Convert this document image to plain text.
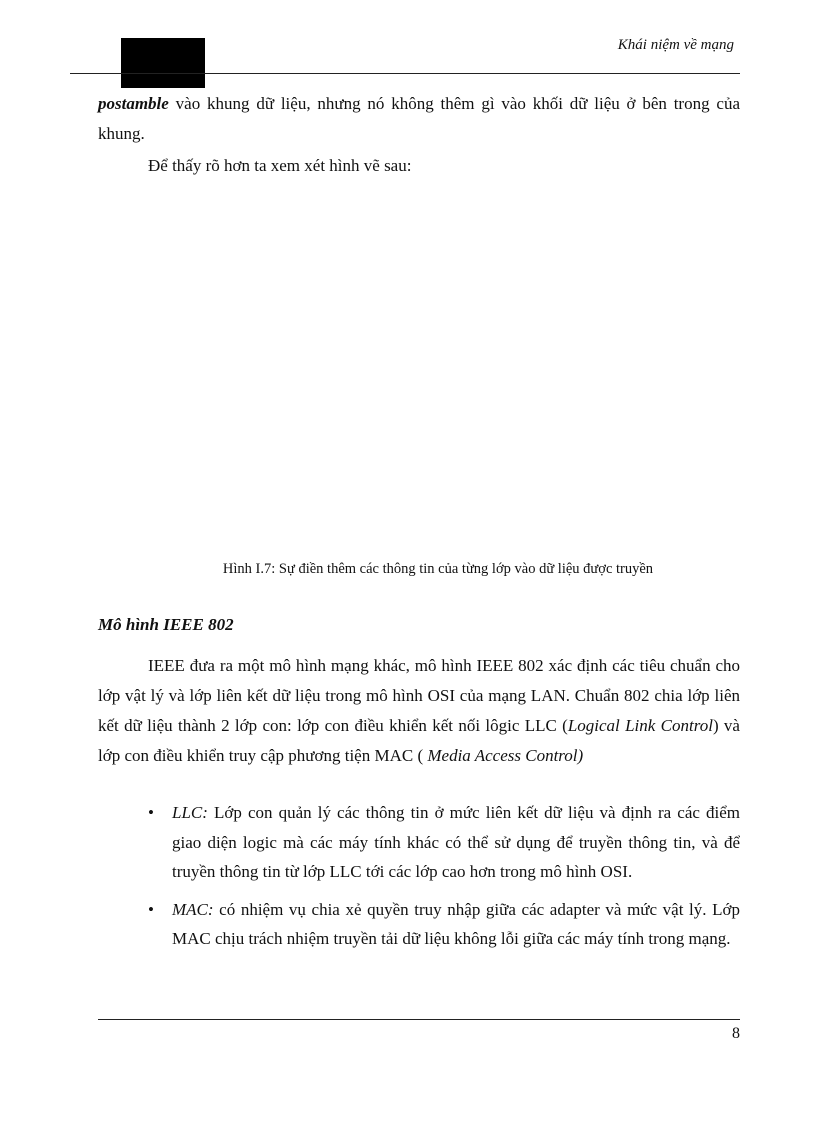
Khái niệm về mạng

postamble vào khung dữ liệu, nhưng nó không thêm gì vào khối dữ liệu ở bên trong của khung.

Để thấy rõ hơn ta xem xét hình vẽ sau:

Hình I.7: Sự điền thêm các thông tin của từng lớp vào dữ liệu được truyền
Mô hình IEEE 802

IEEE đưa ra một mô hình mạng khác, mô hình IEEE 802 xác định các tiêu chuẩn cho lớp vật lý và lớp liên kết dữ liệu trong mô hình OSI của mạng LAN. Chuẩn 802 chia lớp liên kết dữ liệu thành 2 lớp con: lớp con điều khiển kết nối lôgic LLC (Logical Link Control) và lớp con điều khiển truy cập phương tiện MAC ( Media Access Control)

•	LLC: Lớp con quản lý các thông tin ở mức liên kết dữ liệu và định ra các điểm giao diện logic mà các máy tính khác có thể sử dụng để truyền thông tin, và để truyền thông tin từ lớp LLC tới các lớp cao hơn trong mô hình OSI.
•	MAC: có nhiệm vụ chia xẻ quyền truy nhập giữa các adapter và mức vật lý. Lớp MAC chịu trách nhiệm truyền tải dữ liệu không lỗi giữa các máy tính trong mạng.
8
